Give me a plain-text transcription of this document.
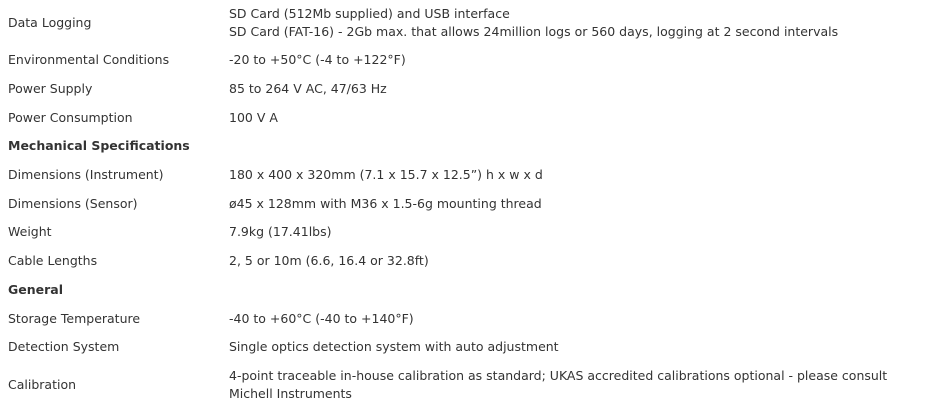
Data Logging	SD Card (512Mb supplied) and USB interface
SD Card (FAT-16) - 2Gb max. that allows 24million logs or 560 days, logging at 2 second intervals

Environmental Conditions	-20 to +50°C (-4 to +122°F)
Power Supply	85 to 264 V AC, 47/63 Hz
Power Consumption	100 V A
Mechanical Specifications	
Dimensions (Instrument)	180 x 400 x 320mm (7.1 x 15.7 x 12.5”) h x w x d
Dimensions (Sensor)	ø45 x 128mm with M36 x 1.5-6g mounting thread
Weight	7.9kg (17.41lbs)
Cable Lengths	2, 5 or 10m (6.6, 16.4 or 32.8ft)
General	
Storage Temperature	-40 to +60°C (-40 to +140°F)
Detection System	Single optics detection system with auto adjustment
Calibration	4-point traceable in-house calibration as standard; UKAS accredited calibrations optional - please consult Michell Instruments
